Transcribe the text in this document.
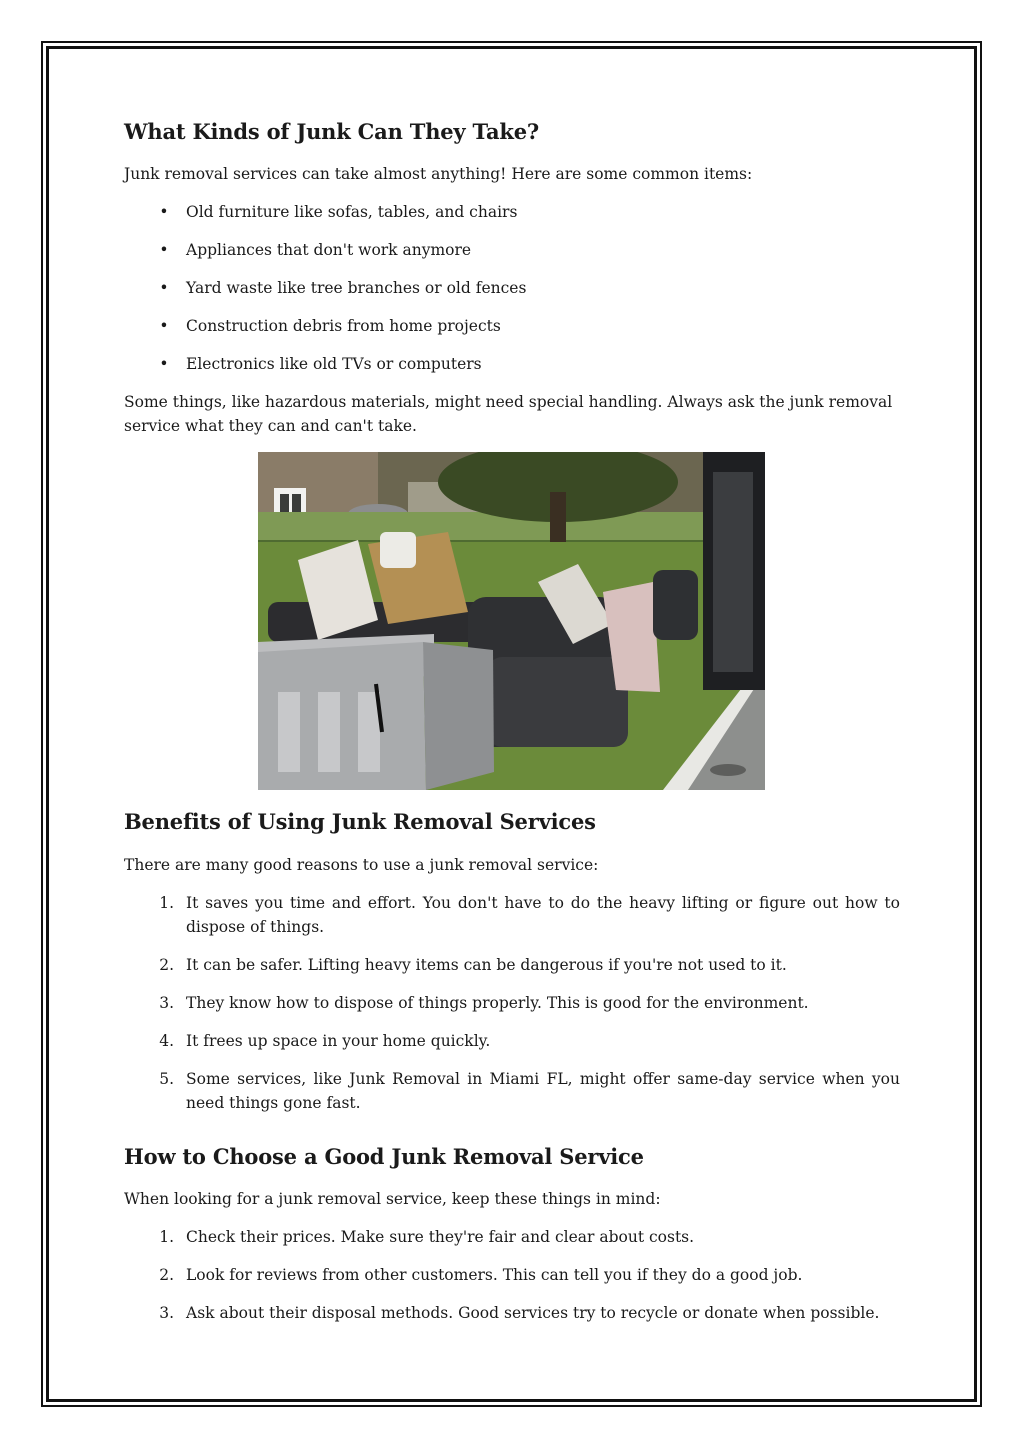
What Kinds of Junk Can They Take?

Junk removal services can take almost anything! Here are some common items:

•	Old furniture like sofas, tables, and chairs
•	Appliances that don't work anymore
•	Yard waste like tree branches or old fences
•	Construction debris from home projects
•	Electronics like old TVs or computers

Some things, like hazardous materials, might need special handling. Always ask the junk removal service what they can and can't take.

Benefits of Using Junk Removal Services

There are many good reasons to use a junk removal service:

1. It saves you time and effort. You don't have to do the heavy lifting or figure out how to dispose of things.
2. It can be safer. Lifting heavy items can be dangerous if you're not used to it.
3. They know how to dispose of things properly. This is good for the environment.
4. It frees up space in your home quickly.
5. Some services, like Junk Removal in Miami FL, might offer same-day service when you need things gone fast.
How to Choose a Good Junk Removal Service

When looking for a junk removal service, keep these things in mind:

1. Check their prices. Make sure they're fair and clear about costs.
2. Look for reviews from other customers. This can tell you if they do a good job.
3. Ask about their disposal methods. Good services try to recycle or donate when possible.
